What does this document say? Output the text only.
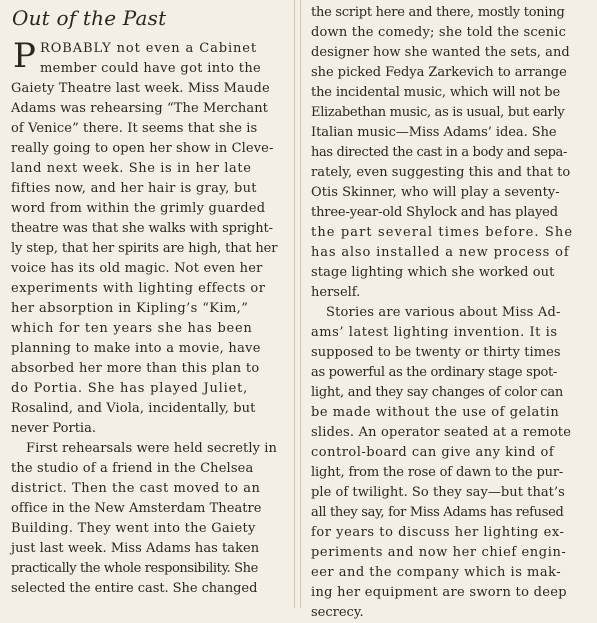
Out of the Past
P ROBABLY not even a Cabinet
member could have got into the
Gaiety Theatre last week. Miss Maude
Adams was rehearsing “The Merchant
of Venice” there. It seems that she is
really going to open her show in Cleve-
land next week. She is in her late
fifties now, and her hair is gray, but
word from within the grimly guarded
theatre was that she walks with spright-
ly step, that her spirits are high, that her
voice has its old magic. Not even her
experiments with lighting effects or
her absorption in Kipling’s “Kim,”
which for ten years she has been
planning to make into a movie, have
absorbed her more than this plan to
do Portia. She has played Juliet,
Rosalind, and Viola, incidentally, but
never Portia.
First rehearsals were held secretly in
the studio of a friend in the Chelsea
district. Then the cast moved to an
office in the New Amsterdam Theatre
Building. They went into the Gaiety
just last week. Miss Adams has taken
practically the whole responsibility. She
selected the entire cast. She changed
the script here and there, mostly toning
down the comedy; she told the scenic
designer how she wanted the sets, and
she picked Fedya Zarkevich to arrange
the incidental music, which will not be
Elizabethan music, as is usual, but early
Italian music—Miss Adams’ idea. She
has directed the cast in a body and sepa-
rately, even suggesting this and that to
Otis Skinner, who will play a seventy-
three-year-old Shylock and has played
the part several times before. She
has also installed a new process of
stage lighting which she worked out
herself.
Stories are various about Miss Ad-
ams’ latest lighting invention. It is
supposed to be twenty or thirty times
as powerful as the ordinary stage spot-
light, and they say changes of color can
be made without the use of gelatin
slides. An operator seated at a remote
control-board can give any kind of
light, from the rose of dawn to the pur-
ple of twilight. So they say—but that’s
all they say, for Miss Adams has refused
for years to discuss her lighting ex-
periments and now her chief engin-
eer and the company which is mak-
ing her equipment are sworn to deep
secrecy.
